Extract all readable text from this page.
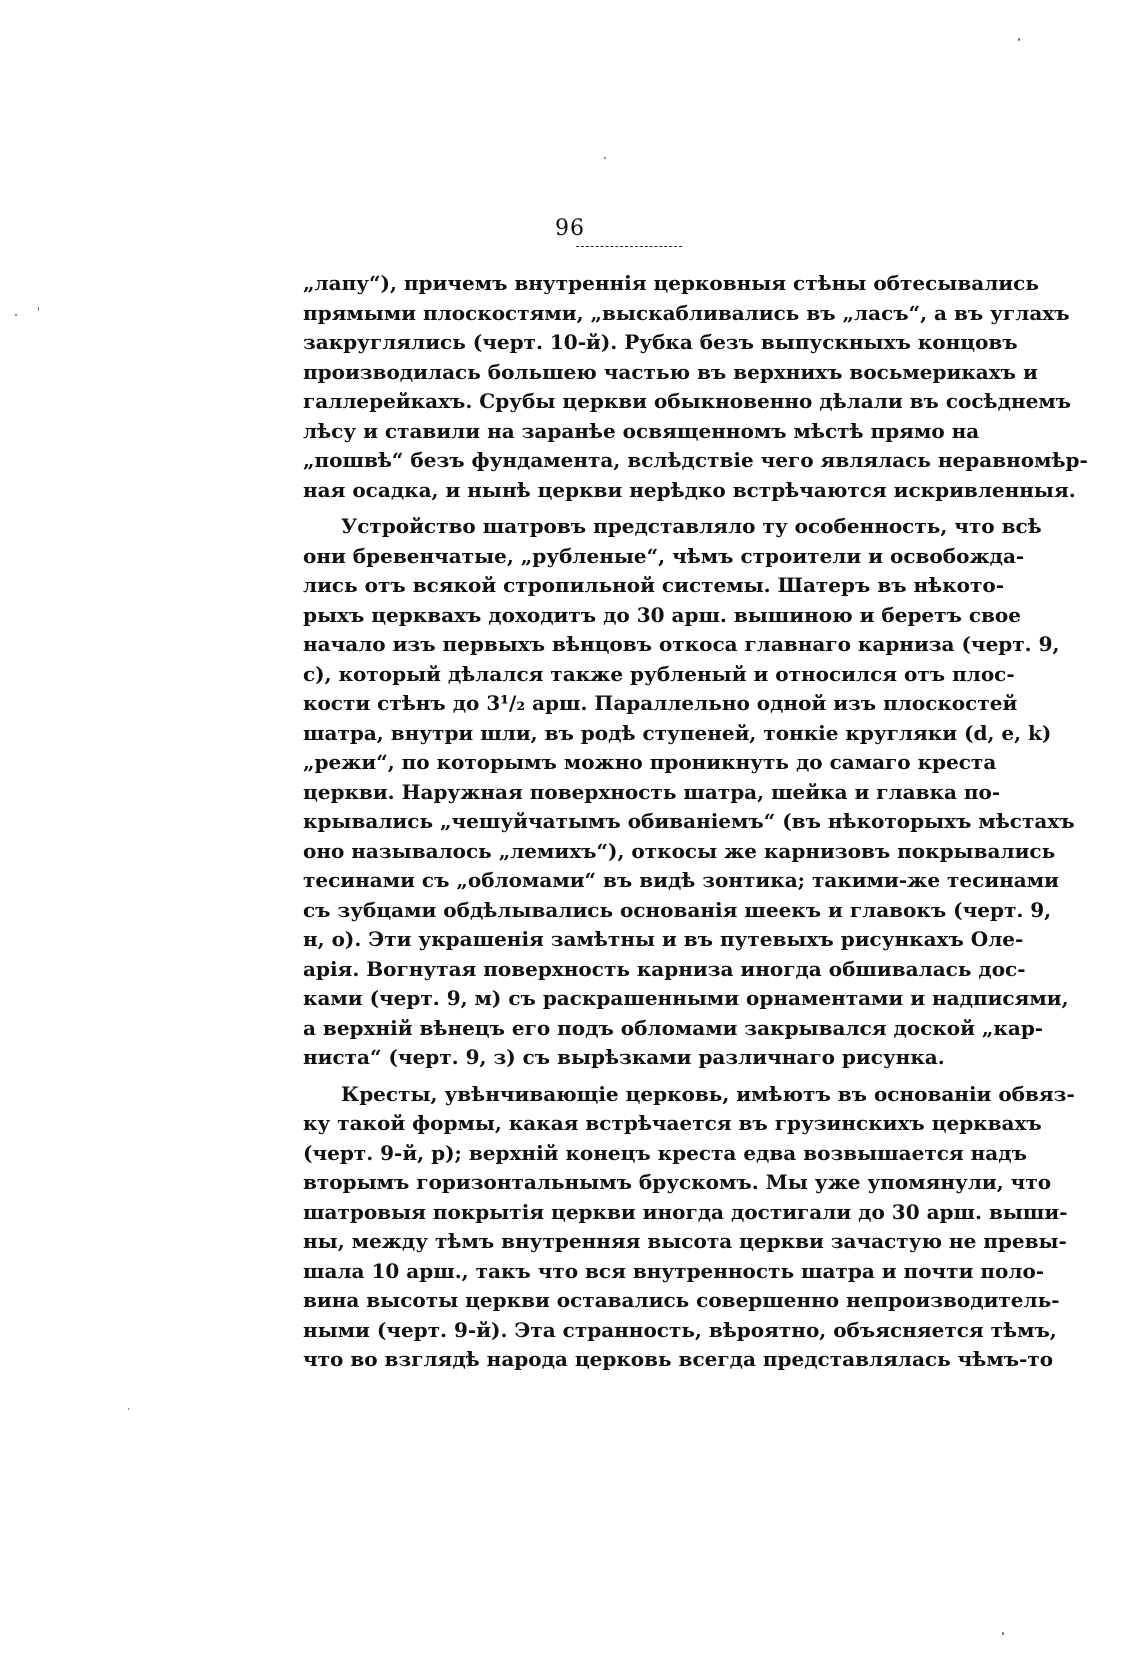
96
„лапу“), причемъ внутреннія церковныя стѣны обтесывались
прямыми плоскостями, „выскабливались въ „ласъ“, а въ углахъ
закруглялись (черт. 10-й). Рубка безъ выпускныхъ концовъ
производилась большею частью въ верхнихъ восьмерикахъ и
галлерейкахъ. Срубы церкви обыкновенно дѣлали въ сосѣднемъ
лѣсу и ставили на заранѣе освященномъ мѣстѣ прямо на
„пошвѣ“ безъ фундамента, вслѣдствіе чего являлась неравномѣр-
ная осадка, и нынѣ церкви нерѣдко встрѣчаются искривленныя.
Устройство шатровъ представляло ту особенность, что всѣ
они бревенчатые, „рубленые“, чѣмъ строители и освобожда-
лись отъ всякой стропильной системы. Шатеръ въ нѣкото-
рыхъ церквахъ доходитъ до 30 арш. вышиною и беретъ свое
начало изъ первыхъ вѣнцовъ откоса главнаго карниза (черт. 9,
c), который дѣлался также рубленый и относился отъ плос-
кости стѣнъ до 3¹/₂ арш. Параллельно одной изъ плоскостей
шатра, внутри шли, въ родѣ ступеней, тонкіе кругляки (d, e, k)
„режи“, по которымъ можно проникнуть до самаго креста
церкви. Наружная поверхность шатра, шейка и главка по-
крывались „чешуйчатымъ обиваніемъ“ (въ нѣкоторыхъ мѣстахъ
оно называлось „лемихъ“), откосы же карнизовъ покрывались
тесинами съ „обломами“ въ видѣ зонтика; такими-же тесинами
съ зубцами обдѣлывались основанія шеекъ и главокъ (черт. 9,
н, о). Эти украшенія замѣтны и въ путевыхъ рисункахъ Оле-
арія. Вогнутая поверхность карниза иногда обшивалась дос-
ками (черт. 9, м) съ раскрашенными орнаментами и надписями,
а верхній вѣнецъ его подъ обломами закрывался доской „кар-
ниста“ (черт. 9, з) съ вырѣзками различнаго рисунка.
Кресты, увѣнчивающіе церковь, имѣютъ въ основаніи обвяз-
ку такой формы, какая встрѣчается въ грузинскихъ церквахъ
(черт. 9-й, p); верхній конецъ креста едва возвышается надъ
вторымъ горизонтальнымъ брускомъ. Мы уже упомянули, что
шатровыя покрытія церкви иногда достигали до 30 арш. выши-
ны, между тѣмъ внутренняя высота церкви зачастую не превы-
шала 10 арш., такъ что вся внутренность шатра и почти поло-
вина высоты церкви оставались совершенно непроизводитель-
ными (черт. 9-й). Эта странность, вѣроятно, объясняется тѣмъ,
что во взглядѣ народа церковь всегда представлялась чѣмъ-то
